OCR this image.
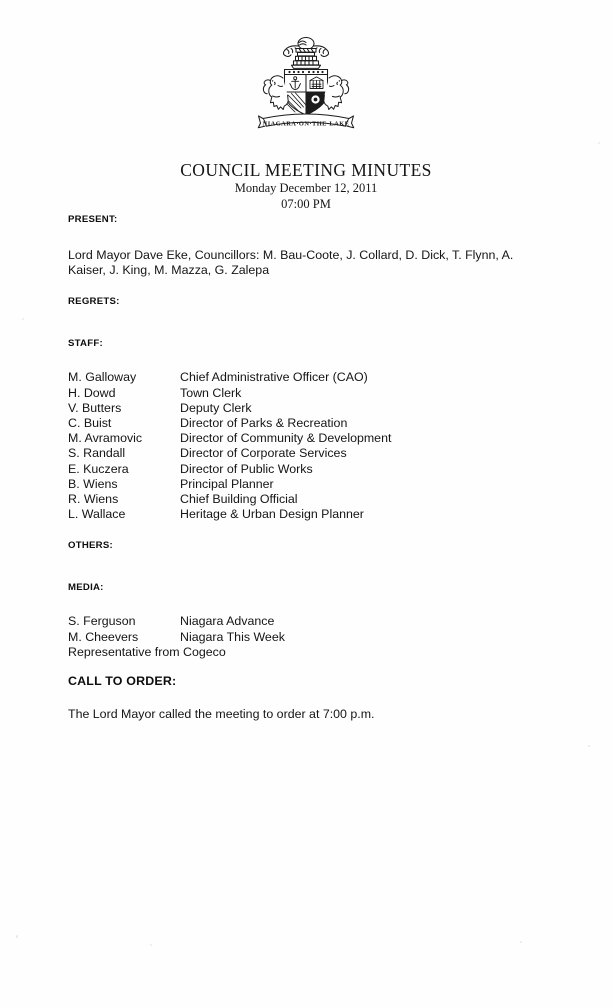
NIAGARA·ON·THE·LAKE
COUNCIL MEETING MINUTES
Monday December 12, 2011
07:00 PM
PRESENT:
Lord Mayor Dave Eke, Councillors: M. Bau-Coote, J. Collard, D. Dick, T. Flynn, A. Kaiser, J. King, M. Mazza, G. Zalepa
REGRETS:
STAFF:
M. Galloway	Chief Administrative Officer (CAO)
H. Dowd	Town Clerk
V. Butters	Deputy Clerk
C. Buist	Director of Parks & Recreation
M. Avramovic	Director of Community & Development
S. Randall	Director of Corporate Services
E. Kuczera	Director of Public Works
B. Wiens	Principal Planner
R. Wiens	Chief Building Official
L. Wallace	Heritage & Urban Design Planner
OTHERS:
MEDIA:
S. Ferguson	Niagara Advance
M. Cheevers	Niagara This Week
Representative from Cogeco	
CALL TO ORDER:
The Lord Mayor called the meeting to order at 7:00 p.m.
